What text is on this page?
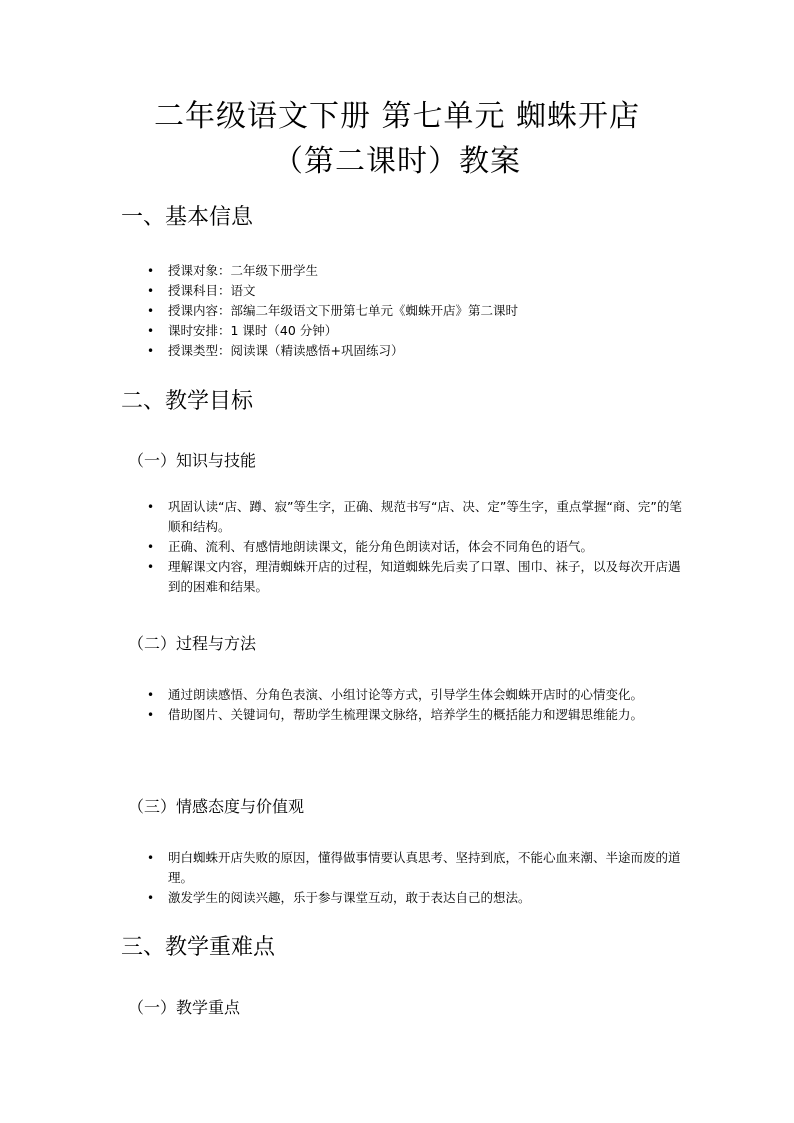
二年级语文下册 第七单元 蜘蛛开店
（第二课时）教案
一、基本信息
• 授课对象：二年级下册学生
• 授课科目：语文
• 授课内容：部编二年级语文下册第七单元《蜘蛛开店》第二课时
• 课时安排：1 课时（40 分钟）
• 授课类型：阅读课（精读感悟+巩固练习）
二、教学目标
（一）知识与技能
• 巩固认读“店、蹲、寂”等生字，正确、规范书写“店、决、定”等生字，重点掌握“商、完”的笔顺和结构。
• 正确、流利、有感情地朗读课文，能分角色朗读对话，体会不同角色的语气。
• 理解课文内容，理清蜘蛛开店的过程，知道蜘蛛先后卖了口罩、围巾、袜子，以及每次开店遇到的困难和结果。
（二）过程与方法
• 通过朗读感悟、分角色表演、小组讨论等方式，引导学生体会蜘蛛开店时的心情变化。
• 借助图片、关键词句，帮助学生梳理课文脉络，培养学生的概括能力和逻辑思维能力。
（三）情感态度与价值观
• 明白蜘蛛开店失败的原因，懂得做事情要认真思考、坚持到底，不能心血来潮、半途而废的道理。
• 激发学生的阅读兴趣，乐于参与课堂互动，敢于表达自己的想法。
三、教学重难点
（一）教学重点
